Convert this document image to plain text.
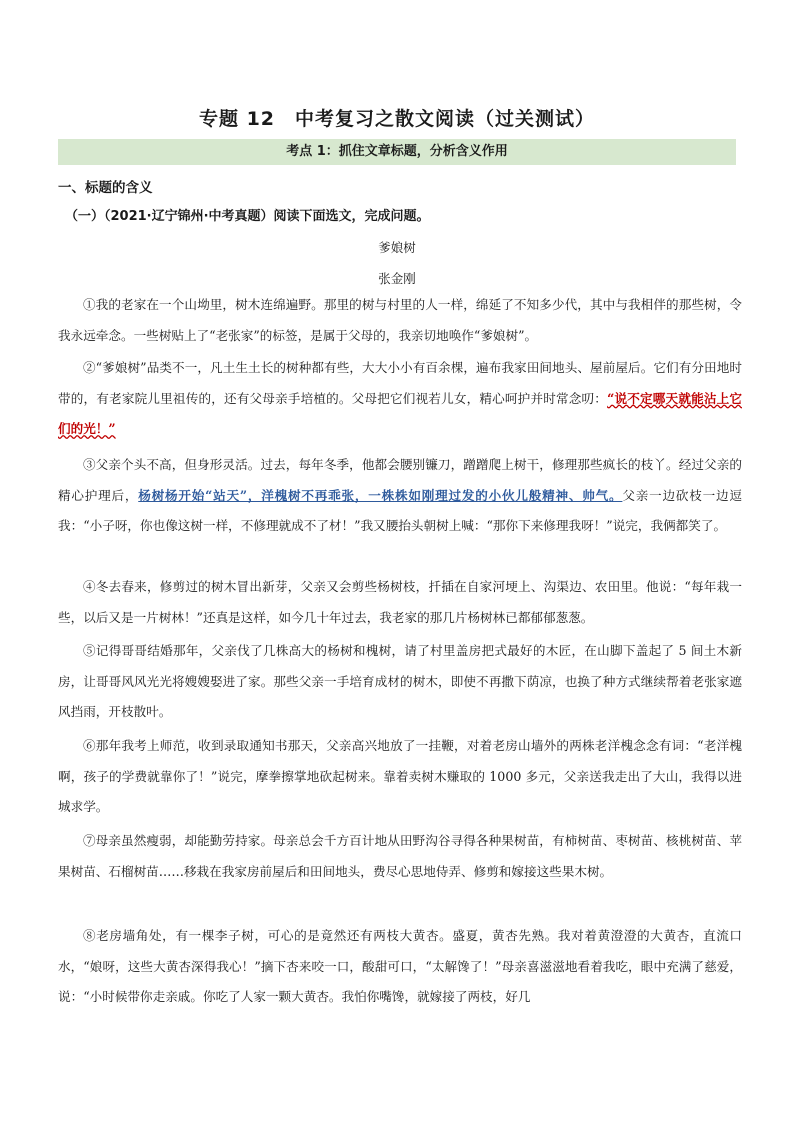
专题 12　中考复习之散文阅读（过关测试）
考点 1：抓住文章标题，分析含义作用
一、标题的含义
（一）（2021·辽宁锦州·中考真题）阅读下面选文，完成问题。
爹娘树
张金刚

①我的老家在一个山坳里，树木连绵遍野。那里的树与村里的人一样，绵延了不知多少代，其中与我相伴的那些树，令我永远牵念。一些树贴上了“老张家”的标签，是属于父母的，我亲切地唤作“爹娘树”。

②“爹娘树”品类不一，凡土生土长的树种都有些，大大小小有百余棵，遍布我家田间地头、屋前屋后。它们有分田地时带的，有老家院儿里祖传的，还有父母亲手培植的。父母把它们视若儿女，精心呵护并时常念叨：“说不定哪天就能沾上它们的光！”

③父亲个头不高，但身形灵活。过去，每年冬季，他都会腰别镰刀，蹭蹭爬上树干，修理那些疯长的枝丫。经过父亲的精心护理后，杨树杨开始“站天”，洋槐树不再乖张，一株株如刚理过发的小伙儿般精神、帅气。父亲一边砍枝一边逗我：“小子呀，你也像这树一样，不修理就成不了材！”我又腰抬头朝树上喊：“那你下来修理我呀！”说完，我俩都笑了。

④冬去春来，修剪过的树木冒出新芽，父亲又会剪些杨树枝，扦插在自家河埂上、沟渠边、农田里。他说：“每年栽一些，以后又是一片树林！”还真是这样，如今几十年过去，我老家的那几片杨树林已都郁郁葱葱。

⑤记得哥哥结婚那年，父亲伐了几株高大的杨树和槐树，请了村里盖房把式最好的木匠，在山脚下盖起了 5 间土木新房，让哥哥风风光光将嫂嫂娶进了家。那些父亲一手培育成材的树木，即使不再撒下荫凉，也换了种方式继续帮着老张家遮风挡雨，开枝散叶。

⑥那年我考上师范，收到录取通知书那天，父亲高兴地放了一挂鞭，对着老房山墙外的两株老洋槐念念有词：“老洋槐啊，孩子的学费就靠你了！”说完，摩拳擦掌地砍起树来。靠着卖树木赚取的 1000 多元，父亲送我走出了大山，我得以进城求学。

⑦母亲虽然瘦弱，却能勤劳持家。母亲总会千方百计地从田野沟谷寻得各种果树苗，有柿树苗、枣树苗、核桃树苗、苹果树苗、石榴树苗……移栽在我家房前屋后和田间地头，费尽心思地侍弄、修剪和嫁接这些果木树。

⑧老房墙角处，有一棵李子树，可心的是竟然还有两枝大黄杏。盛夏，黄杏先熟。我对着黄澄澄的大黄杏，直流口水，“娘呀，这些大黄杏深得我心！”摘下杏来咬一口，酸甜可口，“太解馋了！”母亲喜滋滋地看着我吃，眼中充满了慈爱，说：“小时候带你走亲戚。你吃了人家一颗大黄杏。我怕你嘴馋，就嫁接了两枝，好几
